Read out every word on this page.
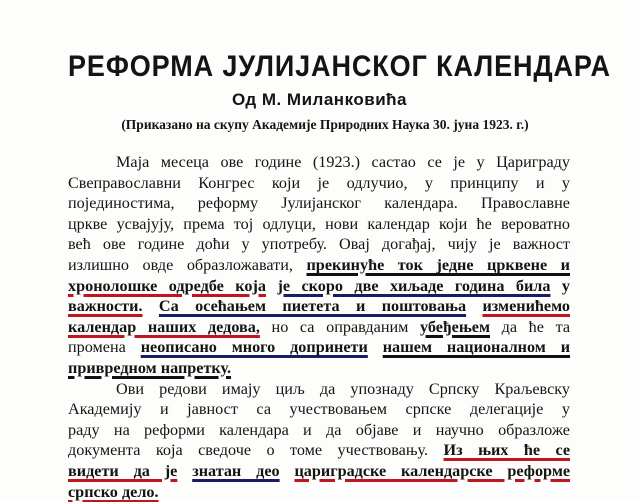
РЕФОРМА ЈУЛИЈАНСКОГ КАЛЕНДАРА
Од М. Миланковића
(Приказано на скупу Академије Природних Наука 30. јуна 1923. г.)
Маја месеца ове године (1923.) састао се је у Цариграду
Свеправославни Конгрес који је одлучио, у принципу и у
појединостима, реформу Јулијанског календара. Православне
цркве усвајују, према тој одлуци, нови календар који ће вероватно
већ ове године доћи у употребу. Овај догађај, чију је важност
излишно овде образложавати, прекинуће ток једне црквене и
хронолошке одредбе која је скоро две хиљаде година била у
важности. Са осећањем пиетета и поштовања изменићемо
календар наших дедова, но са оправданим убеђењем да ће та
промена неописано много допринети нашем националном и
привредном напретку.
Ови редови имају циљ да упознаду Српску Краљевску
Академију и јавност са учествовањем српске делегације у
раду на реформи календара и да објаве и научно образложе
документа која сведоче о томе учествовању. Из њих ће се
видети да је знатан део цариградске календарске реформе
српско дело.
